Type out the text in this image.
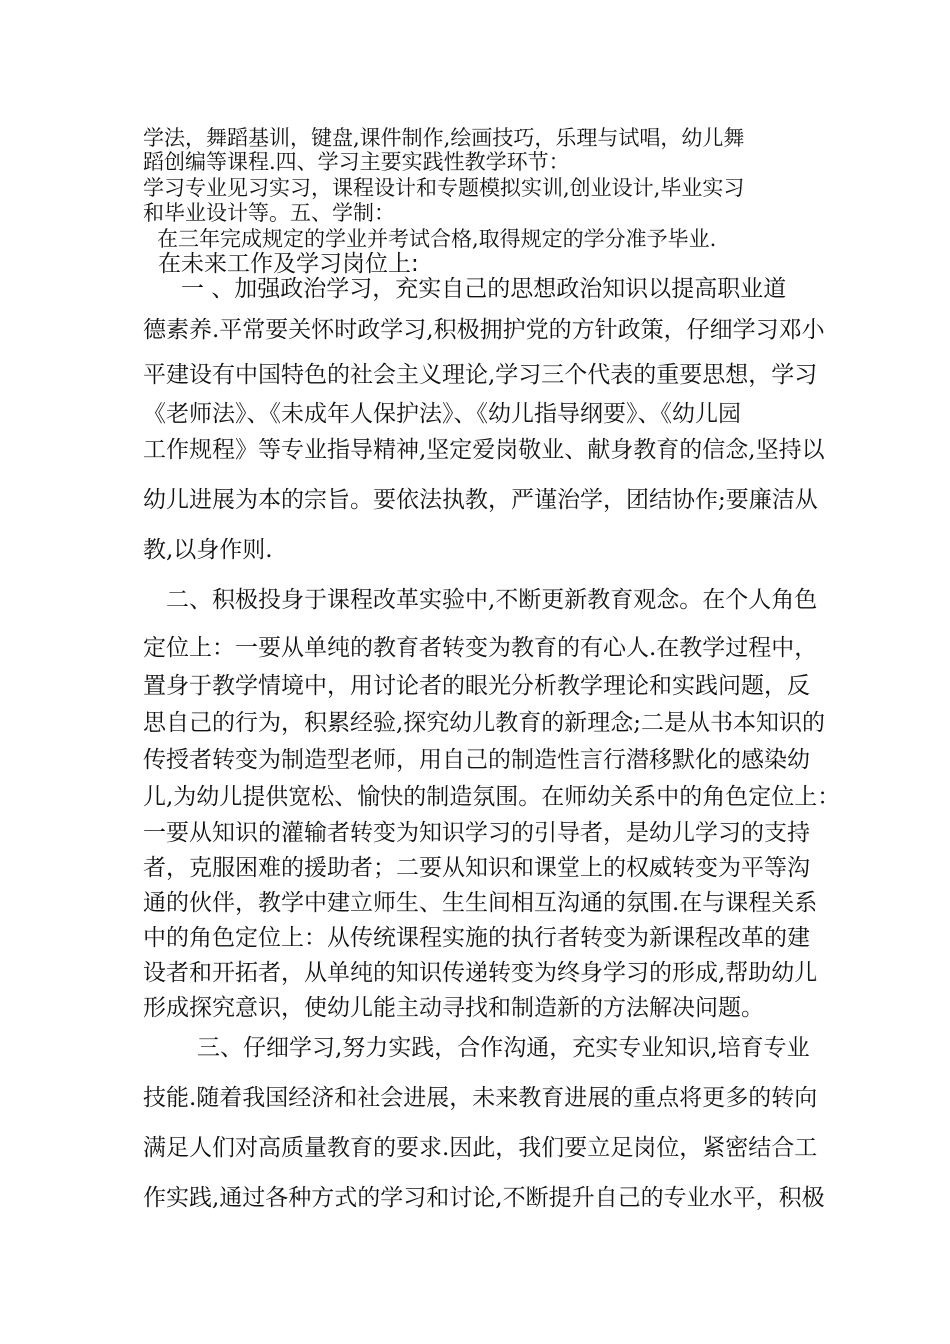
学法，舞蹈基训，键盘,课件制作,绘画技巧，乐理与试唱，幼儿舞
蹈创编等课程.四、学习主要实践性教学环节：
学习专业见习实习，课程设计和专题模拟实训,创业设计,毕业实习
和毕业设计等。五、学制：
在三年完成规定的学业并考试合格,取得规定的学分准予毕业.
在未来工作及学习岗位上:
一 、加强政治学习，充实自己的思想政治知识以提高职业道
德素养.平常要关怀时政学习,积极拥护党的方针政策，仔细学习邓小
平建设有中国特色的社会主义理论,学习三个代表的重要思想，学习
《老师法》、《未成年人保护法》、《幼儿指导纲要》、《幼儿园
工作规程》等专业指导精神,坚定爱岗敬业、献身教育的信念,坚持以
幼儿进展为本的宗旨。要依法执教，严谨治学，团结协作;要廉洁从
教,以身作则.
二、积极投身于课程改革实验中,不断更新教育观念。在个人角色
定位上：一要从单纯的教育者转变为教育的有心人.在教学过程中，
置身于教学情境中，用讨论者的眼光分析教学理论和实践问题，反
思自己的行为，积累经验,探究幼儿教育的新理念;二是从书本知识的
传授者转变为制造型老师，用自己的制造性言行潜移默化的感染幼
儿,为幼儿提供宽松、愉快的制造氛围。在师幼关系中的角色定位上：
一要从知识的灌输者转变为知识学习的引导者，是幼儿学习的支持
者，克服困难的援助者；二要从知识和课堂上的权威转变为平等沟
通的伙伴，教学中建立师生、生生间相互沟通的氛围.在与课程关系
中的角色定位上：从传统课程实施的执行者转变为新课程改革的建
设者和开拓者，从单纯的知识传递转变为终身学习的形成,帮助幼儿
形成探究意识，使幼儿能主动寻找和制造新的方法解决问题。
三、仔细学习,努力实践，合作沟通，充实专业知识,培育专业
技能.随着我国经济和社会进展，未来教育进展的重点将更多的转向
满足人们对高质量教育的要求.因此，我们要立足岗位，紧密结合工
作实践,通过各种方式的学习和讨论,不断提升自己的专业水平，积极
